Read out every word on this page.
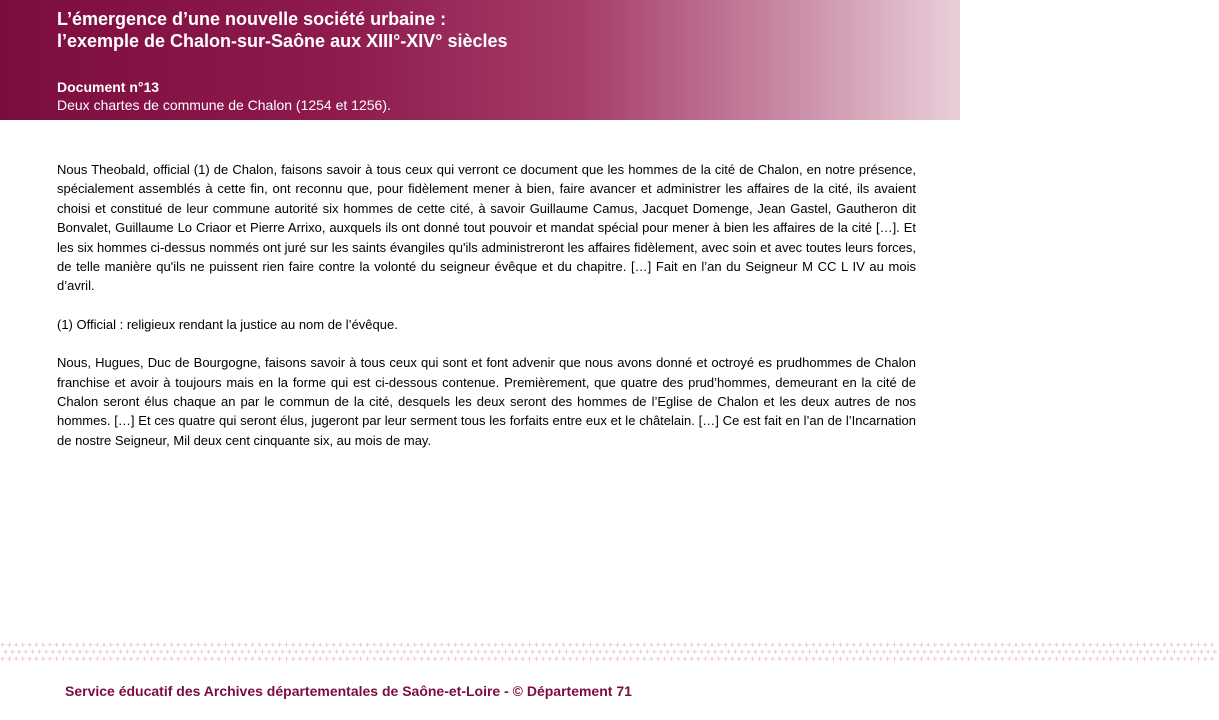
L’émergence d’une nouvelle société urbaine :
l’exemple de Chalon-sur-Saône aux XIII°-XIV° siècles
Document n°13
Deux chartes de commune de Chalon (1254 et 1256).

Nous Theobald, official (1) de Chalon, faisons savoir à tous ceux qui verront ce document que les hommes de la cité de Chalon, en notre présence, spécialement assemblés à cette fin, ont reconnu que, pour fidèlement mener à bien, faire avancer et administrer les affaires de la cité, ils avaient choisi et constitué de leur commune autorité six hommes de cette cité, à savoir Guillaume Camus, Jacquet Domenge, Jean Gastel, Gautheron dit Bonvalet, Guillaume Lo Criaor et Pierre Arrixo, auxquels ils ont donné tout pouvoir et mandat spécial pour mener à bien les affaires de la cité […]. Et les six hommes ci-dessus nommés ont juré sur les saints évangiles qu'ils administreront les affaires fidèlement, avec soin et avec toutes leurs forces, de telle manière qu'ils ne puissent rien faire contre la volonté du seigneur évêque et du chapitre. […] Fait en l’an du Seigneur M CC L IV au mois d’avril.

(1) Official : religieux rendant la justice au nom de l’évêque.

Nous, Hugues, Duc de Bourgogne, faisons savoir à tous ceux qui sont et font advenir que nous avons donné et octroyé es prudhommes de Chalon franchise et avoir à toujours mais en la forme qui est ci-dessous contenue. Premièrement, que quatre des prud’hommes, demeurant en la cité de Chalon seront élus chaque an par le commun de la cité, desquels les deux seront des hommes de l’Eglise de Chalon et les deux autres de nos hommes. […] Et ces quatre qui seront élus, jugeront par leur serment tous les forfaits entre eux et le châtelain. […] Ce est fait en l’an de l’Incarnation de nostre Seigneur, Mil deux cent cinquante six, au mois de may.

++++++++++++++++++++++++++++++++++++++++++++++++++++++++++++++++++++++++++++++++++++++++++++++++++++++++++++++++++++++++++++++++++++++++++++++++++++++++++++++++++++++++++++++++++++
++++++++++++++++++++++++++++++++++++++++++++++++++++++++++++++++++++++++++++++++++++++++++++++++++++++++++++++++++++++++++++++++++++++++++++++++++++++++++++++++++++++++++++++++++++
++++++++++++++++++++++++++++++++++++++++++++++++++++++++++++++++++++++++++++++++++++++++++++++++++++++++++++++++++++++++++++++++++++++++++++++++++++++++++++++++++++++++++++++++++++
Service éducatif des Archives départementales de Saône-et-Loire - © Département 71
